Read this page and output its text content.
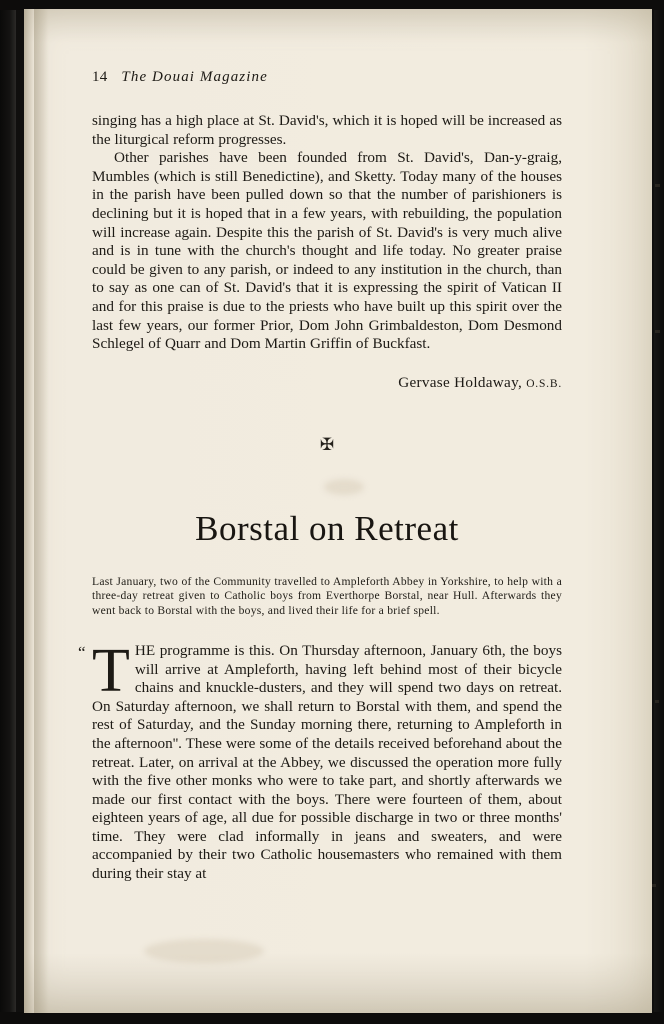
14 The Douai Magazine

singing has a high place at St. David's, which it is hoped will be increased as the liturgical reform progresses.

Other parishes have been founded from St. David's, Dan-y-graig, Mumbles (which is still Benedictine), and Sketty. Today many of the houses in the parish have been pulled down so that the number of parishioners is declining but it is hoped that in a few years, with rebuilding, the population will increase again. Despite this the parish of St. David's is very much alive and is in tune with the church's thought and life today. No greater praise could be given to any parish, or indeed to any institution in the church, than to say as one can of St. David's that it is expressing the spirit of Vatican II and for this praise is due to the priests who have built up this spirit over the last few years, our former Prior, Dom John Grimbaldeston, Dom Desmond Schlegel of Quarr and Dom Martin Griffin of Buckfast.

Gervase Holdaway, O.S.B.
✠
Borstal on Retreat
Last January, two of the Community travelled to Ampleforth Abbey in Yorkshire, to help with a three-day retreat given to Catholic boys from Everthorpe Borstal, near Hull. Afterwards they went back to Borstal with the boys, and lived their life for a brief spell.
“ T HE programme is this. On Thursday afternoon, January 6th, the boys will arrive at Ampleforth, having left behind most of their bicycle chains and knuckle-dusters, and they will spend two days on retreat. On Saturday afternoon, we shall return to Borstal with them, and spend the rest of Saturday, and the Sunday morning there, returning to Ampleforth in the afternoon''. These were some of the details received beforehand about the retreat. Later, on arrival at the Abbey, we discussed the operation more fully with the five other monks who were to take part, and shortly afterwards we made our first contact with the boys. There were fourteen of them, about eighteen years of age, all due for possible discharge in two or three months' time. They were clad informally in jeans and sweaters, and were accompanied by their two Catholic housemasters who remained with them during their stay at
